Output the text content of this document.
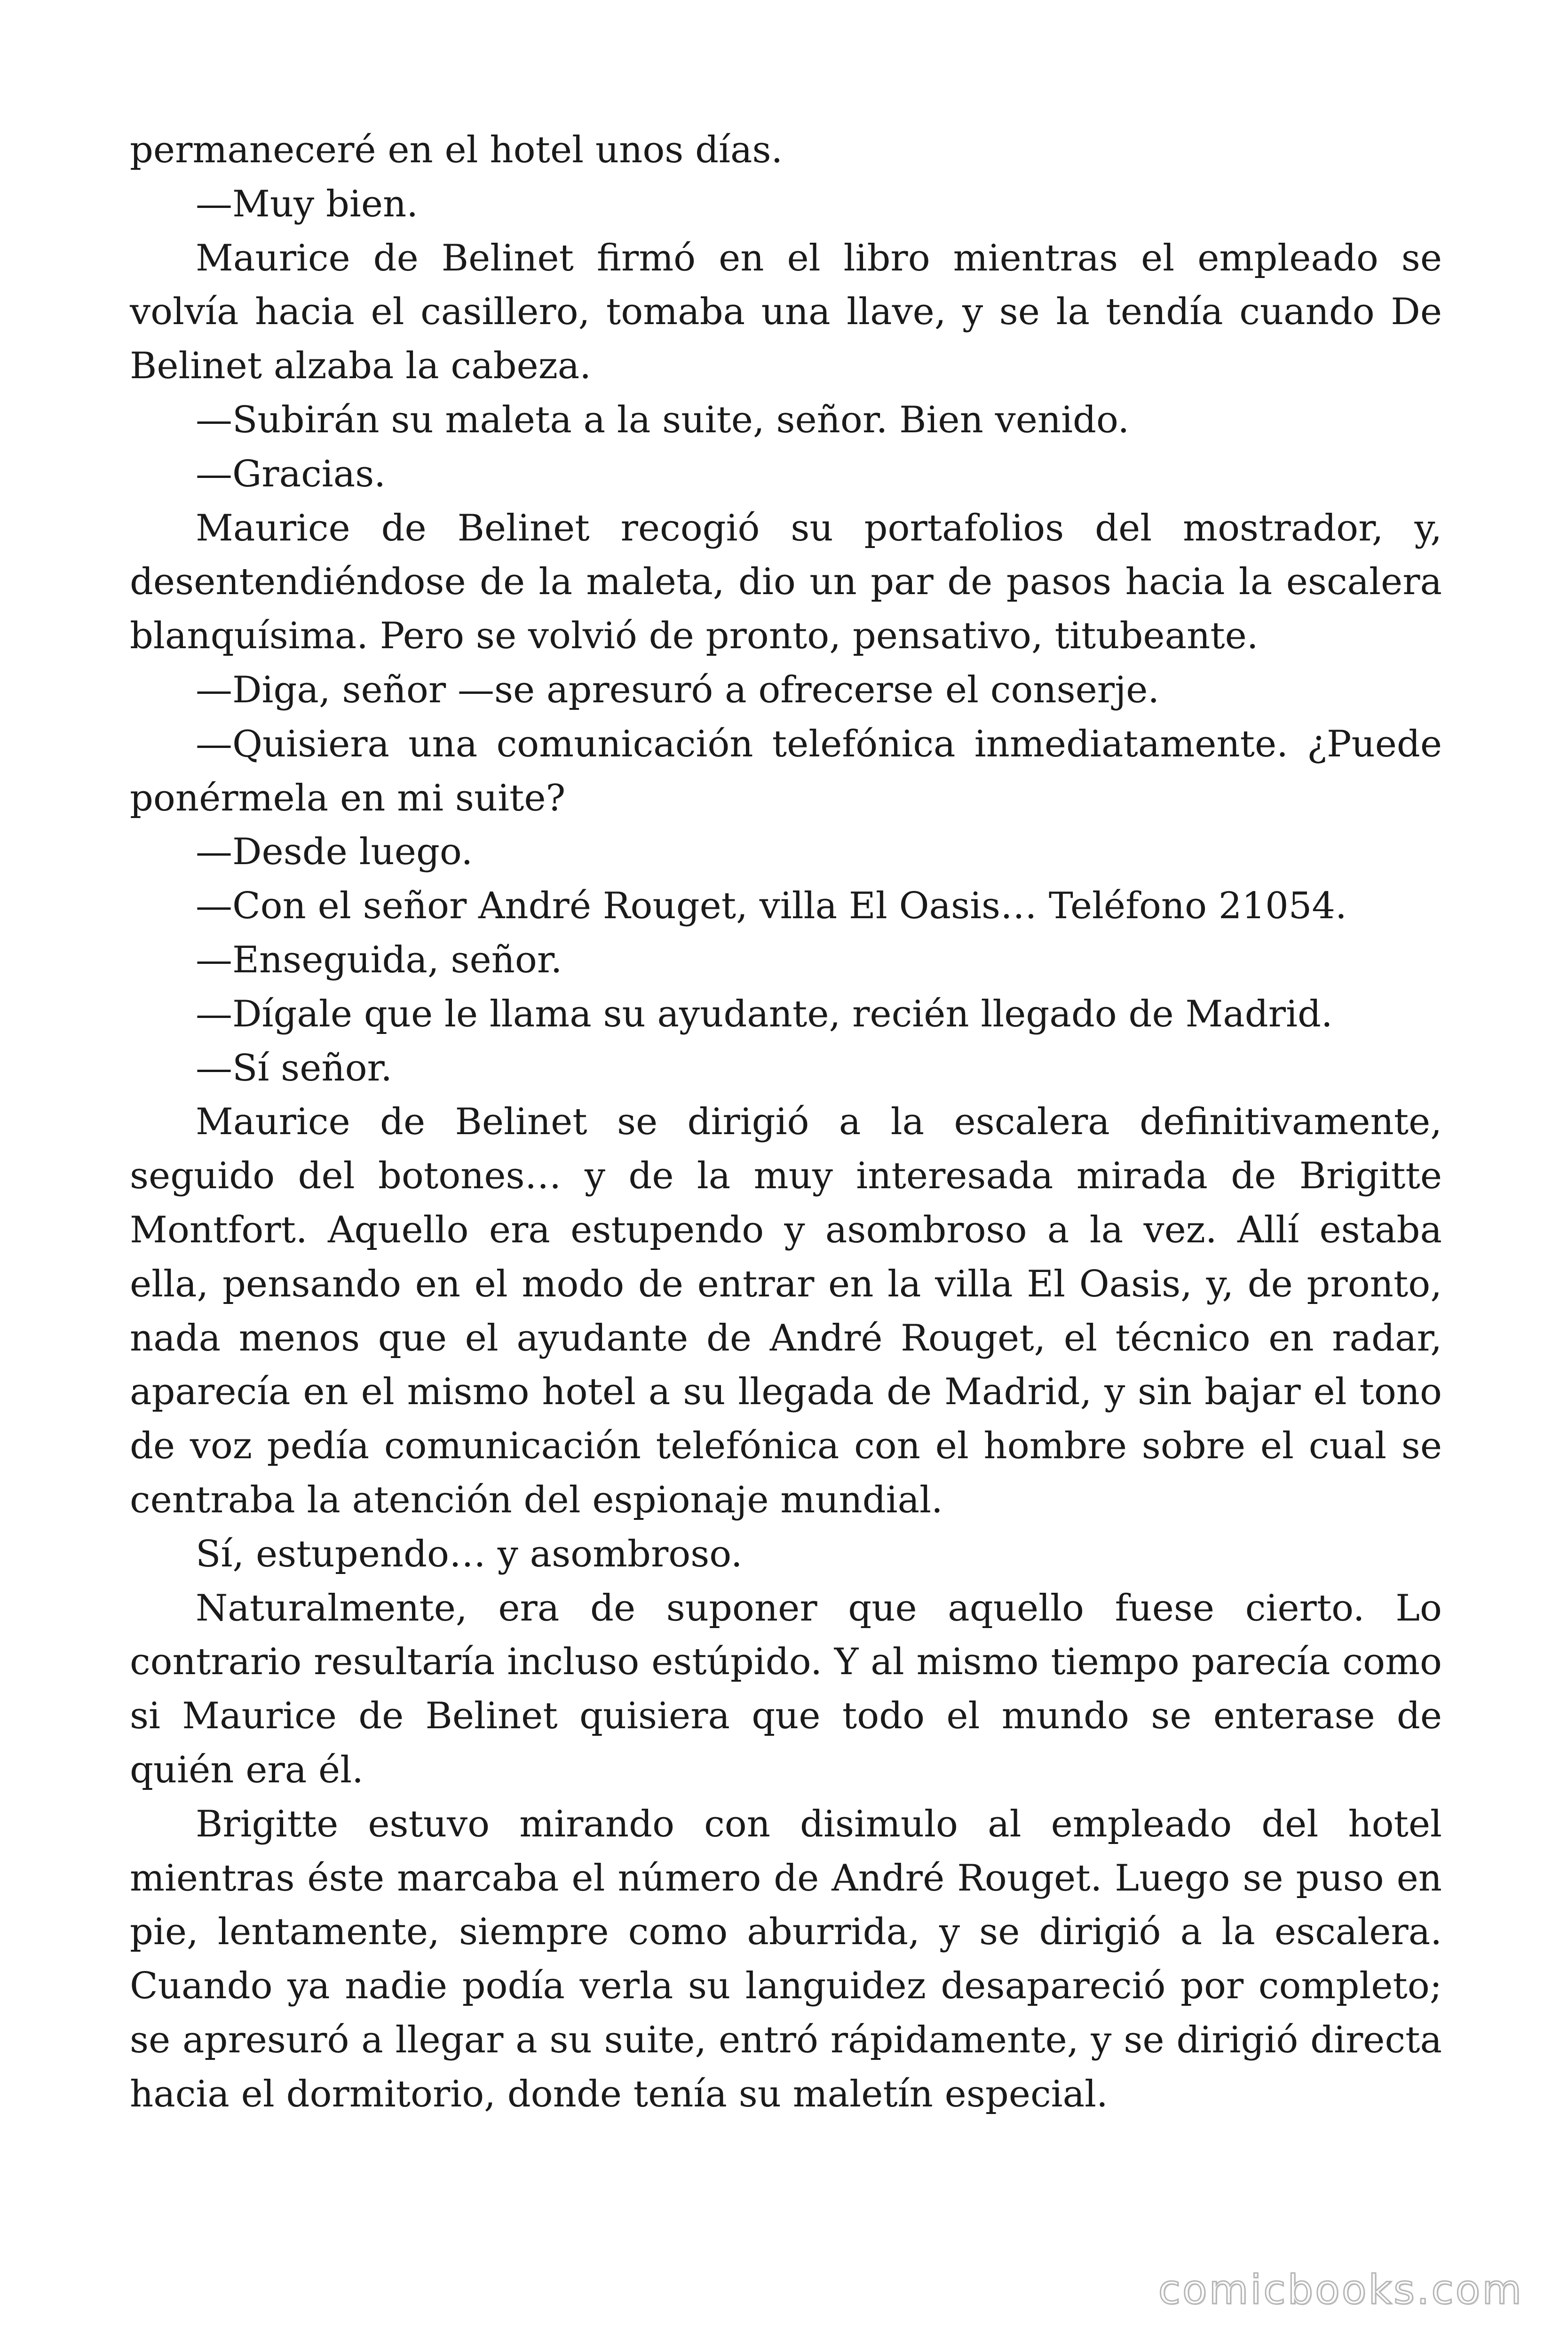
permaneceré en el hotel unos días.

—Muy bien.

Maurice de Belinet firmó en el libro mientras el empleado se volvía hacia el casillero, tomaba una llave, y se la tendía cuando De Belinet alzaba la cabeza.

—Subirán su maleta a la suite, señor. Bien venido.

—Gracias.

Maurice de Belinet recogió su portafolios del mostrador, y, desentendiéndose de la maleta, dio un par de pasos hacia la escalera blanquísima. Pero se volvió de pronto, pensativo, titubeante.

—Diga, señor —se apresuró a ofrecerse el conserje.

—Quisiera una comunicación telefónica inmediatamente. ¿Puede ponérmela en mi suite?

—Desde luego.

—Con el señor André Rouget, villa El Oasis… Teléfono 21054.

—Enseguida, señor.

—Dígale que le llama su ayudante, recién llegado de Madrid.

—Sí señor.

Maurice de Belinet se dirigió a la escalera definitivamente, seguido del botones… y de la muy interesada mirada de Brigitte Montfort. Aquello era estupendo y asombroso a la vez. Allí estaba ella, pensando en el modo de entrar en la villa El Oasis, y, de pronto, nada menos que el ayudante de André Rouget, el técnico en radar, aparecía en el mismo hotel a su llegada de Madrid, y sin bajar el tono de voz pedía comunicación telefónica con el hombre sobre el cual se centraba la atención del espionaje mundial.

Sí, estupendo… y asombroso.

Naturalmente, era de suponer que aquello fuese cierto. Lo contrario resultaría incluso estúpido. Y al mismo tiempo parecía como si Maurice de Belinet quisiera que todo el mundo se enterase de quién era él.

Brigitte estuvo mirando con disimulo al empleado del hotel mientras éste marcaba el número de André Rouget. Luego se puso en pie, lentamente, siempre como aburrida, y se dirigió a la escalera. Cuando ya nadie podía verla su languidez desapareció por completo; se apresuró a llegar a su suite, entró rápidamente, y se dirigió directa hacia el dormitorio, donde tenía su maletín especial.

comicbooks.com
